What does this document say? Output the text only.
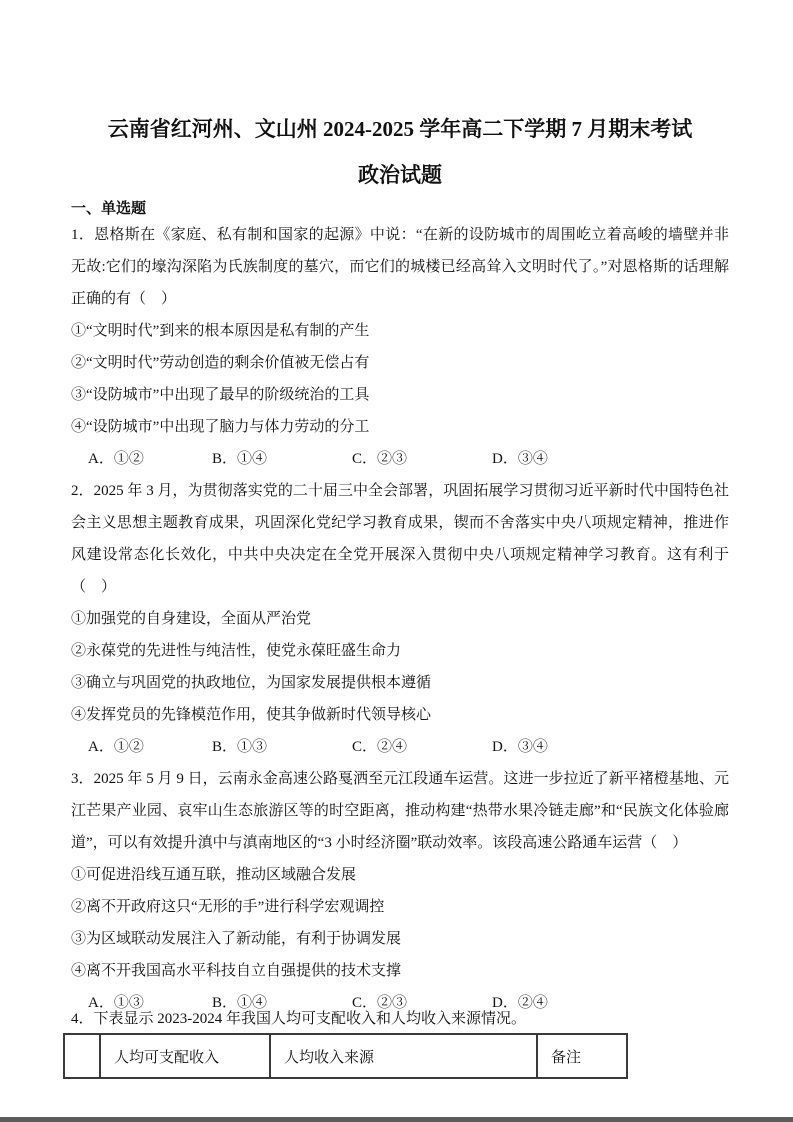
云南省红河州、文山州 2024-2025 学年高二下学期 7 月期末考试
政治试题
一、单选题

1．恩格斯在《家庭、私有制和国家的起源》中说：“在新的设防城市的周围屹立着高峻的墙壁并非无故:它们的壕沟深陷为氏族制度的墓穴，而它们的城楼已经高耸入文明时代了。”对恩格斯的话理解正确的有（　）

①“文明时代”到来的根本原因是私有制的产生

②“文明时代”劳动创造的剩余价值被无偿占有

③“设防城市”中出现了最早的阶级统治的工具

④“设防城市”中出现了脑力与体力劳动的分工

A．①②	B．①④	C．②③	D．③④

2．2025 年 3 月，为贯彻落实党的二十届三中全会部署，巩固拓展学习贯彻习近平新时代中国特色社会主义思想主题教育成果，巩固深化党纪学习教育成果，锲而不舍落实中央八项规定精神，推进作风建设常态化长效化，中共中央决定在全党开展深入贯彻中央八项规定精神学习教育。这有利于（　）

①加强党的自身建设，全面从严治党

②永葆党的先进性与纯洁性，使党永葆旺盛生命力

③确立与巩固党的执政地位，为国家发展提供根本遵循

④发挥党员的先锋模范作用，使其争做新时代领导核心

A．①②	B．①③	C．②④	D．③④

3．2025 年 5 月 9 日，云南永金高速公路戛洒至元江段通车运营。这进一步拉近了新平褚橙基地、元江芒果产业园、哀牢山生态旅游区等的时空距离，推动构建“热带水果冷链走廊”和“民族文化体验廊道”，可以有效提升滇中与滇南地区的“3 小时经济圈”联动效率。该段高速公路通车运营（　）

①可促进沿线互通互联，推动区域融合发展

②离不开政府这只“无形的手”进行科学宏观调控

③为区域联动发展注入了新动能，有利于协调发展

④离不开我国高水平科技自立自强提供的技术支撑

A．①③	B．①④	C．②③	D．②④

4．下表显示 2023-2024 年我国人均可支配收入和人均收入来源情况。

	人均可支配收入	人均收入来源	备注
